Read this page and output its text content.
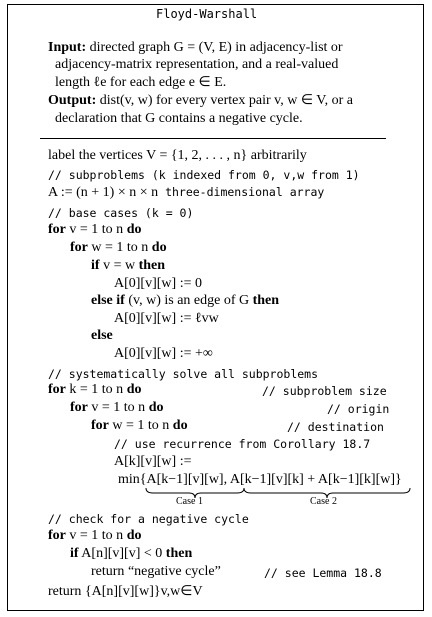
Floyd-Warshall
Input: directed graph G = (V, E) in adjacency-list or
adjacency-matrix representation, and a real-valued
length ℓe for each edge e ∈ E.
Output: dist(v, w) for every vertex pair v, w ∈ V, or a
declaration that G contains a negative cycle.
label the vertices V = {1, 2, . . . , n} arbitrarily
// subproblems (k indexed from 0, v,w from 1)
A := (n + 1) × n × n three-dimensional array
// base cases (k = 0)
for v = 1 to n do
for w = 1 to n do
if v = w then
A[0][v][w] := 0
else if (v, w) is an edge of G then
A[0][v][w] := ℓvw
else
A[0][v][w] := +∞
// systematically solve all subproblems
for k = 1 to n do	// subproblem size
for v = 1 to n do	// origin
for w = 1 to n do	// destination
// use recurrence from Corollary 18.7
A[k][v][w] :=
min{A[k−1][v][w], A[k−1][v][k] + A[k−1][k][w]}
Case 1	Case 2
// check for a negative cycle
for v = 1 to n do
if A[n][v][v] < 0 then
return “negative cycle”	// see Lemma 18.8
return {A[n][v][w]}v,w∈V
